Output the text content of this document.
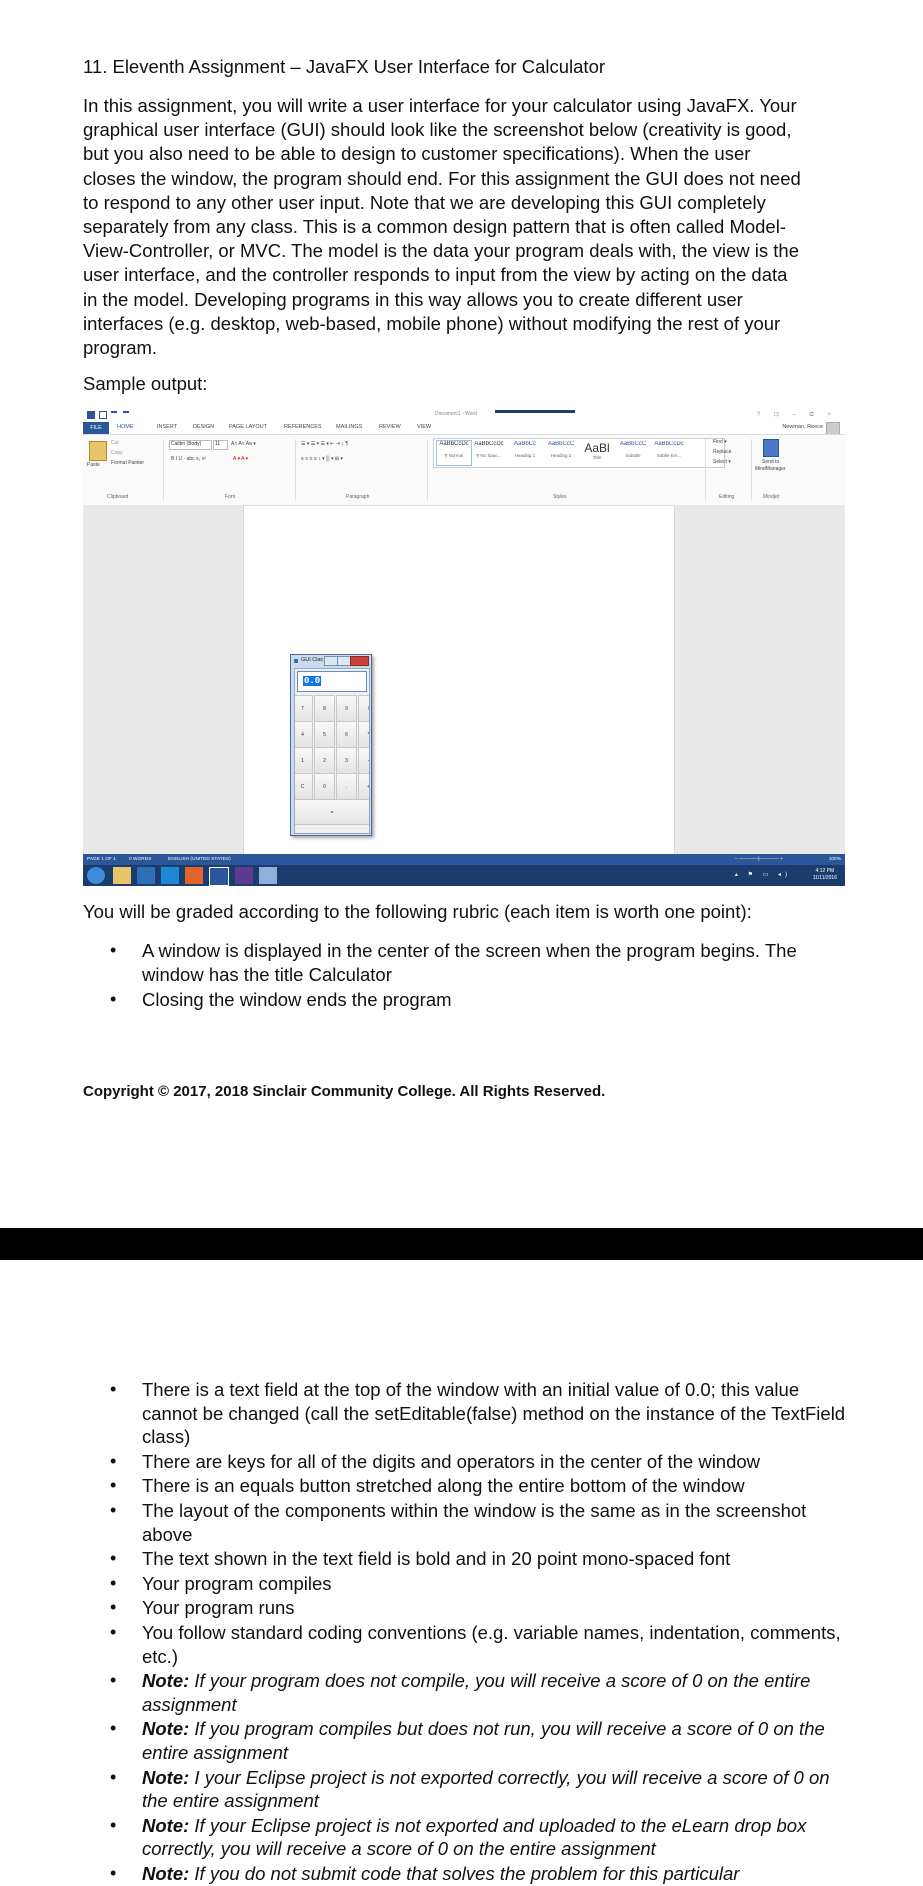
11. Eleventh Assignment – JavaFX User Interface for Calculator
In this assignment, you will write a user interface for your calculator using JavaFX. Your
graphical user interface (GUI) should look like the screenshot below (creativity is good,
but you also need to be able to design to customer specifications). When the user
closes the window, the program should end. For this assignment the GUI does not need
to respond to any other user input. Note that we are developing this GUI completely
separately from any class. This is a common design pattern that is often called Model-
View-Controller, or MVC. The model is the data your program deals with, the view is the
user interface, and the controller responds to input from the view by acting on the data
in the model. Developing programs in this way allows you to create different user
interfaces (e.g. desktop, web-based, mobile phone) without modifying the rest of your
program.
Sample output:
Document1 - Word	? ⊡ – ⧉ ×
FILE	HOME	INSERT	DESIGN	PAGE LAYOUT	REFERENCES	MAILINGS	REVIEW	VIEW	Newman, Reece
Paste
Cut
Copy
Format Painter
Clipboard
Calibri (Body)	11	A˄ A˅ Aa ▾
B I U · abc x₂ x²	A ▾ A ▾
Font
☰ ▾ ☰ ▾ ☰ ▾ ⇤ ⇥ ↕ ¶
≡ ≡ ≡ ≡ ↕ ▾ ▒ ▾ ⊞ ▾
Paragraph
AaBbCcDc
¶ Normal
AaBbCcDc
¶ No Spac...
AaBbCc
Heading 1
AaBbCcC
Heading 2
AaBl
Title
AaBbCcC
Subtitle
AaBbCcDc
Subtle Em...
Styles
Find ▾
Replace
Select ▾
Editing
Send to
MindManager
Mindjet
GUI Clac
0.0
7	8	9	/
4	5	6	*
1	2	3	-
C	0	.	+
=
PAGE 1 OF 1	0 WORDS	ENGLISH (UNITED STATES)	– ————|———— +	100%
▴ ⚑ ▭ ◂)
4:12 PM
11/11/2016
You will be graded according to the following rubric (each item is worth one point):
• A window is displayed in the center of the screen when the program begins. The window has the title Calculator
• Closing the window ends the program
Copyright © 2017, 2018 Sinclair Community College. All Rights Reserved.
• There is a text field at the top of the window with an initial value of 0.0; this value cannot be changed (call the setEditable(false) method on the instance of the TextField class)
• There are keys for all of the digits and operators in the center of the window
• There is an equals button stretched along the entire bottom of the window
• The layout of the components within the window is the same as in the screenshot above
• The text shown in the text field is bold and in 20 point mono-spaced font
• Your program compiles
• Your program runs
• You follow standard coding conventions (e.g. variable names, indentation, comments, etc.)
• Note: If your program does not compile, you will receive a score of 0 on the entire assignment
• Note: If you program compiles but does not run, you will receive a score of 0 on the entire assignment
• Note: I your Eclipse project is not exported correctly, you will receive a score of 0 on the entire assignment
• Note: If your Eclipse project is not exported and uploaded to the eLearn drop box correctly, you will receive a score of 0 on the entire assignment
• Note: If you do not submit code that solves the problem for this particular
